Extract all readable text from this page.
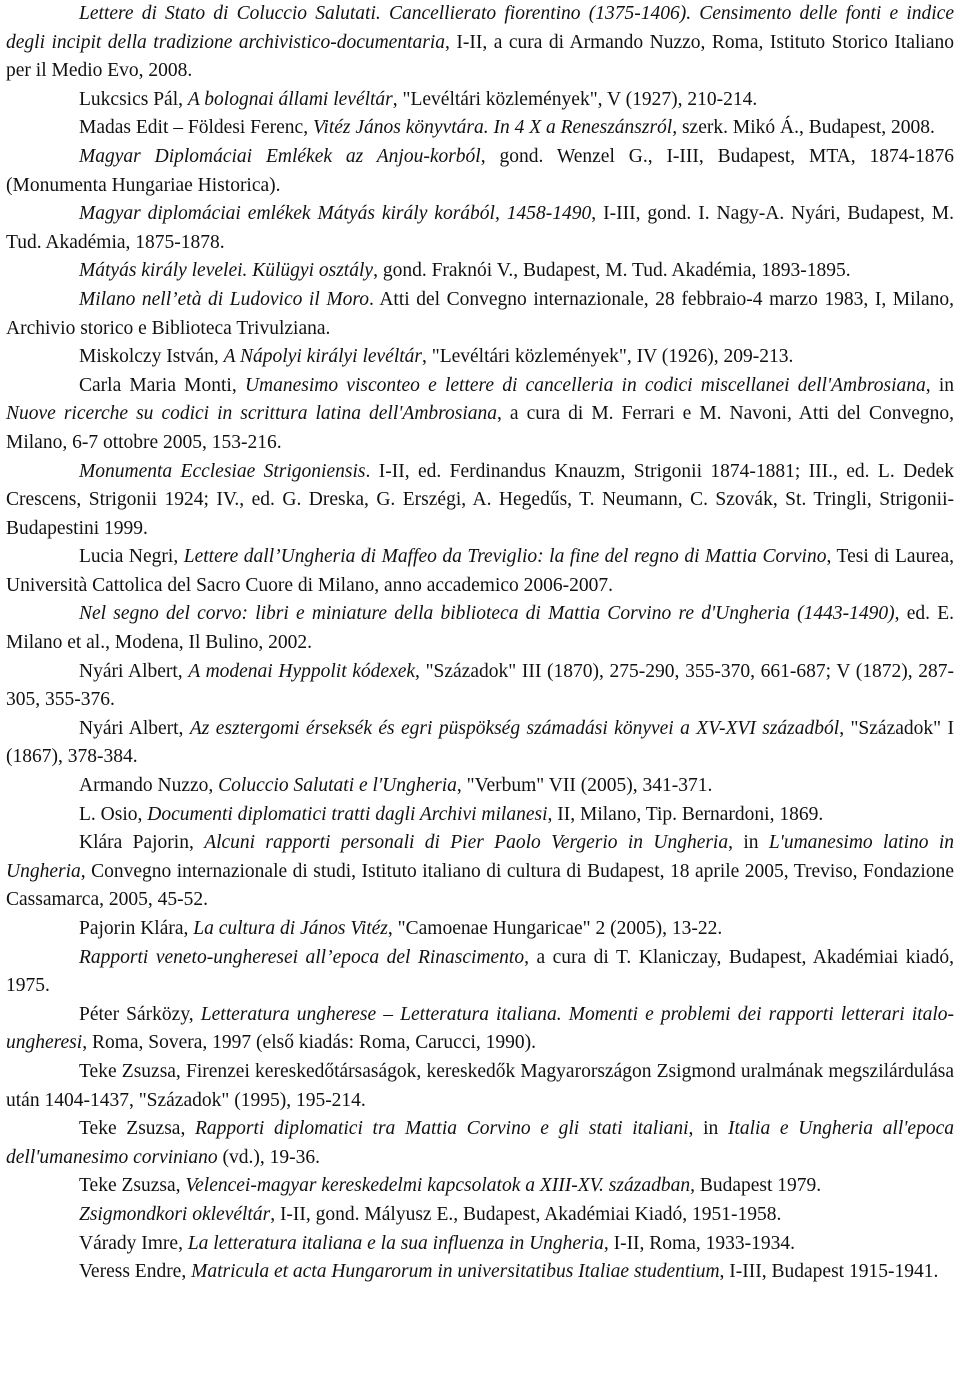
Lettere di Stato di Coluccio Salutati. Cancellierato fiorentino (1375-1406). Censimento delle fonti e indice degli incipit della tradizione archivistico-documentaria, I-II, a cura di Armando Nuzzo, Roma, Istituto Storico Italiano per il Medio Evo, 2008.

Lukcsics Pál, A bolognai állami levéltár, "Levéltári közlemények", V (1927), 210-214.

Madas Edit – Földesi Ferenc, Vitéz János könyvtára. In 4 X a Reneszánszról, szerk. Mikó Á., Budapest, 2008.

Magyar Diplomáciai Emlékek az Anjou-korból, gond. Wenzel G., I-III, Budapest, MTA, 1874-1876 (Monumenta Hungariae Historica).

Magyar diplomáciai emlékek Mátyás király korából, 1458-1490, I-III, gond. I. Nagy-A. Nyári, Budapest, M. Tud. Akadémia, 1875-1878.

Mátyás király levelei. Külügyi osztály, gond. Fraknói V., Budapest, M. Tud. Akadémia, 1893-1895.

Milano nell’età di Ludovico il Moro. Atti del Convegno internazionale, 28 febbraio-4 marzo 1983, I, Milano, Archivio storico e Biblioteca Trivulziana.

Miskolczy István, A Nápolyi királyi levéltár, "Levéltári közlemények", IV (1926), 209-213.

Carla Maria Monti, Umanesimo visconteo e lettere di cancelleria in codici miscellanei dell'Ambrosiana, in Nuove ricerche su codici in scrittura latina dell'Ambrosiana, a cura di M. Ferrari e M. Navoni, Atti del Convegno, Milano, 6-7 ottobre 2005, 153-216.

Monumenta Ecclesiae Strigoniensis. I-II, ed. Ferdinandus Knauzm, Strigonii 1874-1881; III., ed. L. Dedek Crescens, Strigonii 1924; IV., ed. G. Dreska, G. Erszégi, A. Hegedűs, T. Neumann, C. Szovák, St. Tringli, Strigonii-Budapestini 1999.

Lucia Negri, Lettere dall’Ungheria di Maffeo da Treviglio: la fine del regno di Mattia Corvino, Tesi di Laurea, Università Cattolica del Sacro Cuore di Milano, anno accademico 2006-2007.

Nel segno del corvo: libri e miniature della biblioteca di Mattia Corvino re d'Ungheria (1443-1490), ed. E. Milano et al., Modena, Il Bulino, 2002.

Nyári Albert, A modenai Hyppolit kódexek, "Századok" III (1870), 275-290, 355-370, 661-687; V (1872), 287-305, 355-376.

Nyári Albert, Az esztergomi érseksék és egri püspökség számadási könyvei a XV-XVI századból, "Századok" I (1867), 378-384.

Armando Nuzzo, Coluccio Salutati e l'Ungheria, "Verbum" VII (2005), 341-371.

L. Osio, Documenti diplomatici tratti dagli Archivi milanesi, II, Milano, Tip. Bernardoni, 1869.

Klára Pajorin, Alcuni rapporti personali di Pier Paolo Vergerio in Ungheria, in L'umanesimo latino in Ungheria, Convegno internazionale di studi, Istituto italiano di cultura di Budapest, 18 aprile 2005, Treviso, Fondazione Cassamarca, 2005, 45-52.

Pajorin Klára, La cultura di János Vitéz, "Camoenae Hungaricae" 2 (2005), 13-22.

Rapporti veneto-ungheresei all’epoca del Rinascimento, a cura di T. Klaniczay, Budapest, Akadémiai kiadó, 1975.

Péter Sárközy, Letteratura ungherese – Letteratura italiana. Momenti e problemi dei rapporti letterari italo-ungheresi, Roma, Sovera, 1997 (első kiadás: Roma, Carucci, 1990).

Teke Zsuzsa, Firenzei kereskedőtársaságok, kereskedők Magyarországon Zsigmond uralmának megszilárdulása után 1404-1437, "Századok" (1995), 195-214.

Teke Zsuzsa, Rapporti diplomatici tra Mattia Corvino e gli stati italiani, in Italia e Ungheria all'epoca dell'umanesimo corviniano (vd.), 19-36.

Teke Zsuzsa, Velencei-magyar kereskedelmi kapcsolatok a XIII-XV. században, Budapest 1979.

Zsigmondkori oklevéltár, I-II, gond. Mályusz E., Budapest, Akadémiai Kiadó, 1951-1958.

Várady Imre, La letteratura italiana e la sua influenza in Ungheria, I-II, Roma, 1933-1934.

Veress Endre, Matricula et acta Hungarorum in universitatibus Italiae studentium, I-III, Budapest 1915-1941.
